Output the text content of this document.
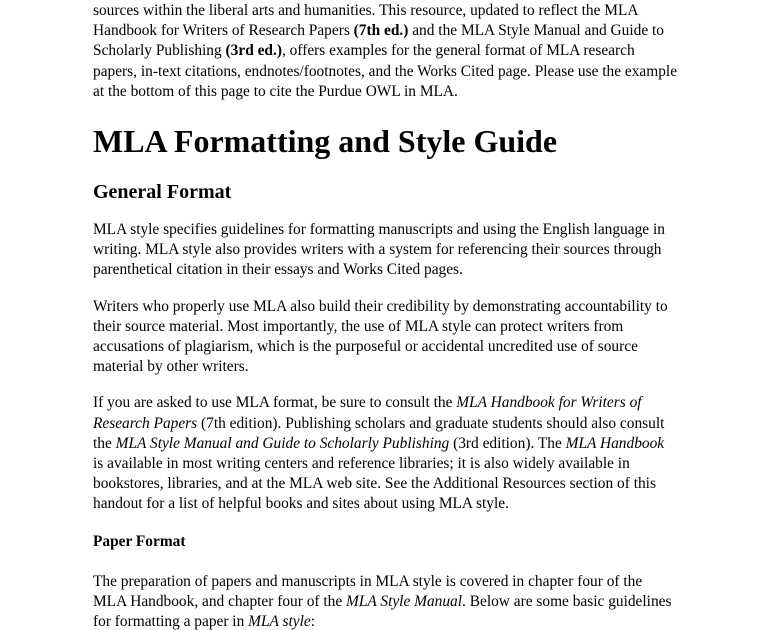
sources within the liberal arts and humanities. This resource, updated to reflect the MLA Handbook for Writers of Research Papers (7th ed.) and the MLA Style Manual and Guide to Scholarly Publishing (3rd ed.), offers examples for the general format of MLA research papers, in-text citations, endnotes/footnotes, and the Works Cited page. Please use the example at the bottom of this page to cite the Purdue OWL in MLA.

MLA Formatting and Style Guide
General Format

MLA style specifies guidelines for formatting manuscripts and using the English language in writing. MLA style also provides writers with a system for referencing their sources through parenthetical citation in their essays and Works Cited pages.

Writers who properly use MLA also build their credibility by demonstrating accountability to their source material. Most importantly, the use of MLA style can protect writers from accusations of plagiarism, which is the purposeful or accidental uncredited use of source material by other writers.

If you are asked to use MLA format, be sure to consult the MLA Handbook for Writers of Research Papers (7th edition). Publishing scholars and graduate students should also consult the MLA Style Manual and Guide to Scholarly Publishing (3rd edition). The MLA Handbook is available in most writing centers and reference libraries; it is also widely available in bookstores, libraries, and at the MLA web site. See the Additional Resources section of this handout for a list of helpful books and sites about using MLA style.

Paper Format

The preparation of papers and manuscripts in MLA style is covered in chapter four of the MLA Handbook, and chapter four of the MLA Style Manual. Below are some basic guidelines for formatting a paper in MLA style:
